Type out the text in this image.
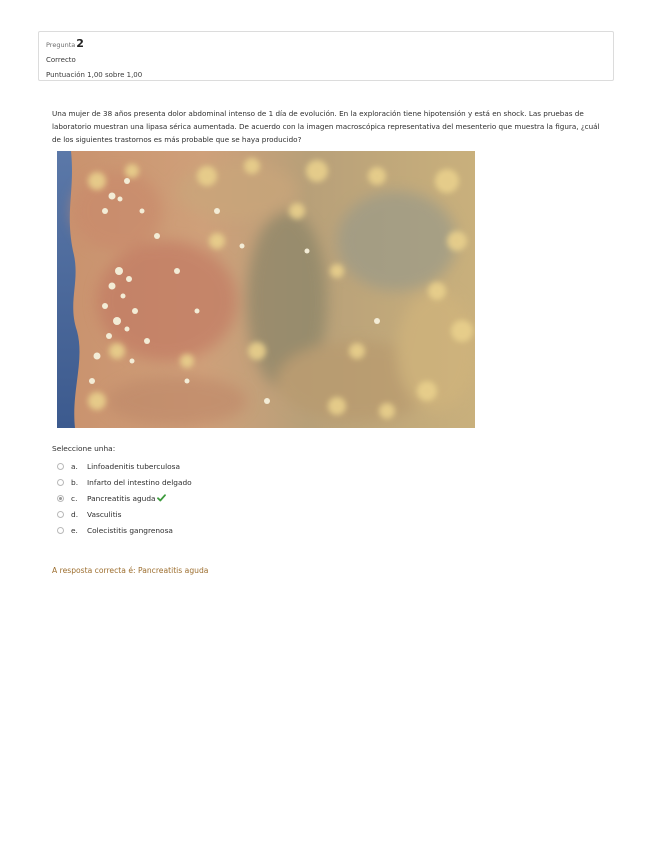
Pregunta 2
Correcto
Puntuación 1,00 sobre 1,00
Una mujer de 38 años presenta dolor abdominal intenso de 1 día de evolución. En la exploración tiene hipotensión y está en shock. Las pruebas de laboratorio muestran una lipasa sérica aumentada. De acuerdo con la imagen macroscópica representativa del mesenterio que muestra la figura, ¿cuál de los siguientes trastornos es más probable que se haya producido?
Seleccione unha:
a.	Linfoadenitis tuberculosa
b.	Infarto del intestino delgado
c.	Pancreatitis aguda
d.	Vasculitis
e.	Colecistitis gangrenosa
A resposta correcta é: Pancreatitis aguda
